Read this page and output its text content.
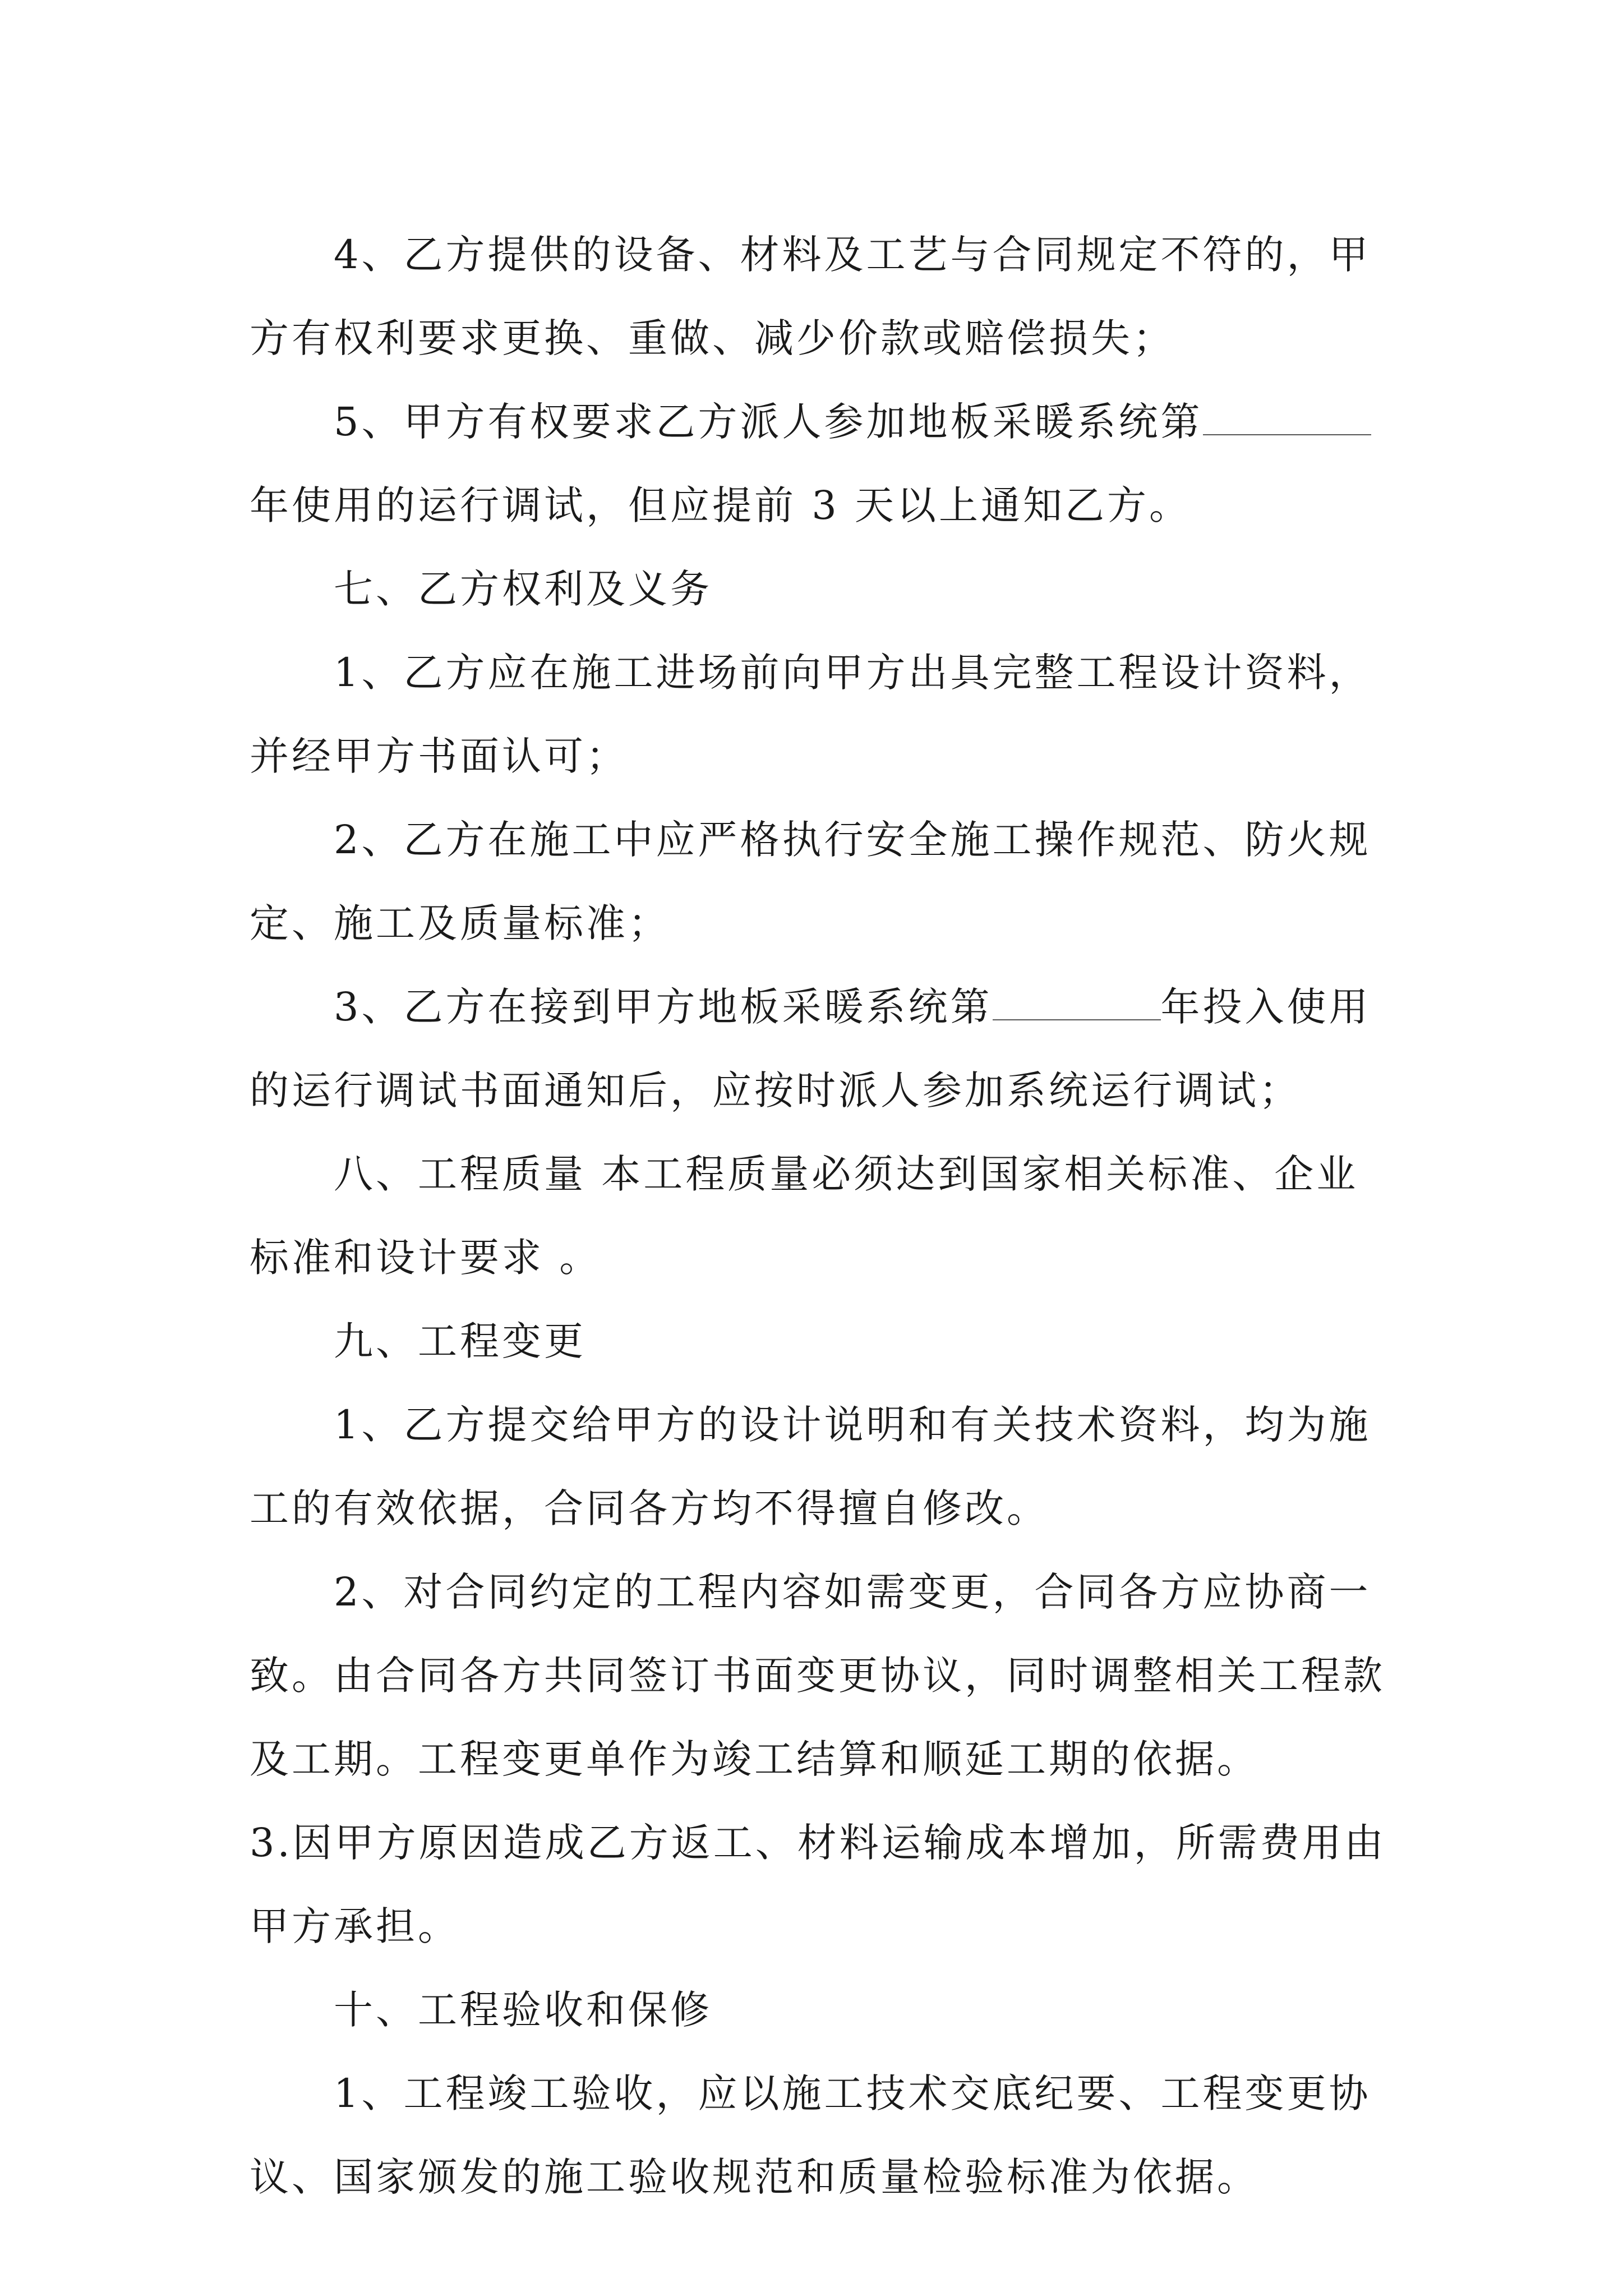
4、乙方提供的设备、材料及工艺与合同规定不符的，甲方有权利要求更换、重做、减少价款或赔偿损失；

5、甲方有权要求乙方派人参加地板采暖系统第年使用的运行调试，但应提前 3 天以上通知乙方。

七、乙方权利及义务

1、乙方应在施工进场前向甲方出具完整工程设计资料，并经甲方书面认可；

2、乙方在施工中应严格执行安全施工操作规范、防火规定、施工及质量标准；

3、乙方在接到甲方地板采暖系统第	年投入使用的运行调试书面通知后，应按时派人参加系统运行调试；

八、工程质量 本工程质量必须达到国家相关标准、企业标准和设计要求 。

九、工程变更

1、乙方提交给甲方的设计说明和有关技术资料，均为施工的有效依据，合同各方均不得擅自修改。

2、对合同约定的工程内容如需变更，合同各方应协商一致。由合同各方共同签订书面变更协议，同时调整相关工程款及工期。工程变更单作为竣工结算和顺延工期的依据。

3.因甲方原因造成乙方返工、材料运输成本增加，所需费用由甲方承担。

十、工程验收和保修

1、工程竣工验收，应以施工技术交底纪要、工程变更协议、国家颁发的施工验收规范和质量检验标准为依据。
